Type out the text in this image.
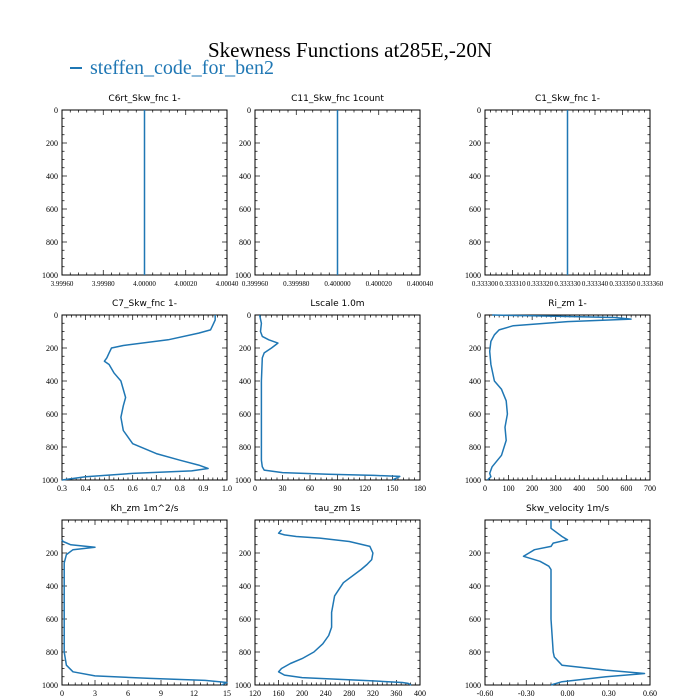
Skewness Functions at285E,-20N
steffen_code_for_ben2
C6rt_Skw_fnc 1-
3.99960	3.99980	4.00000	4.00020	4.00040
0
200
400
600
800
1000
C11_Skw_fnc 1count
0.399960 0.399980 0.400000 0.400020 0.400040
0
200
400
600
800
1000
C1_Skw_fnc 1-
0.333300 0.333310 0.333320 0.333330 0.333340 0.333350 0.333360
0
200
400
600
800
1000
C7_Skw_fnc 1-
0.3 0.4 0.5 0.6 0.7 0.8 0.9 1.0
0
200
400
600
800
1000
Lscale 1.0m
0	30 60 90 120 150 180
0
200
400
600
800
1000
Ri_zm 1-
0 100 200 300 400 500 600 700
0
200
400
600
800
1000
Kh_zm 1m^2/s
0	3	6	9	12	15
200
400
600
800
1000
tau_zm 1s
120 160 200 240 280 320 360 400
200
400
600
800
1000
Skw_velocity 1m/s
-0.60	-0.30	0.00	0.30	0.60
200
400
600
800
1000
